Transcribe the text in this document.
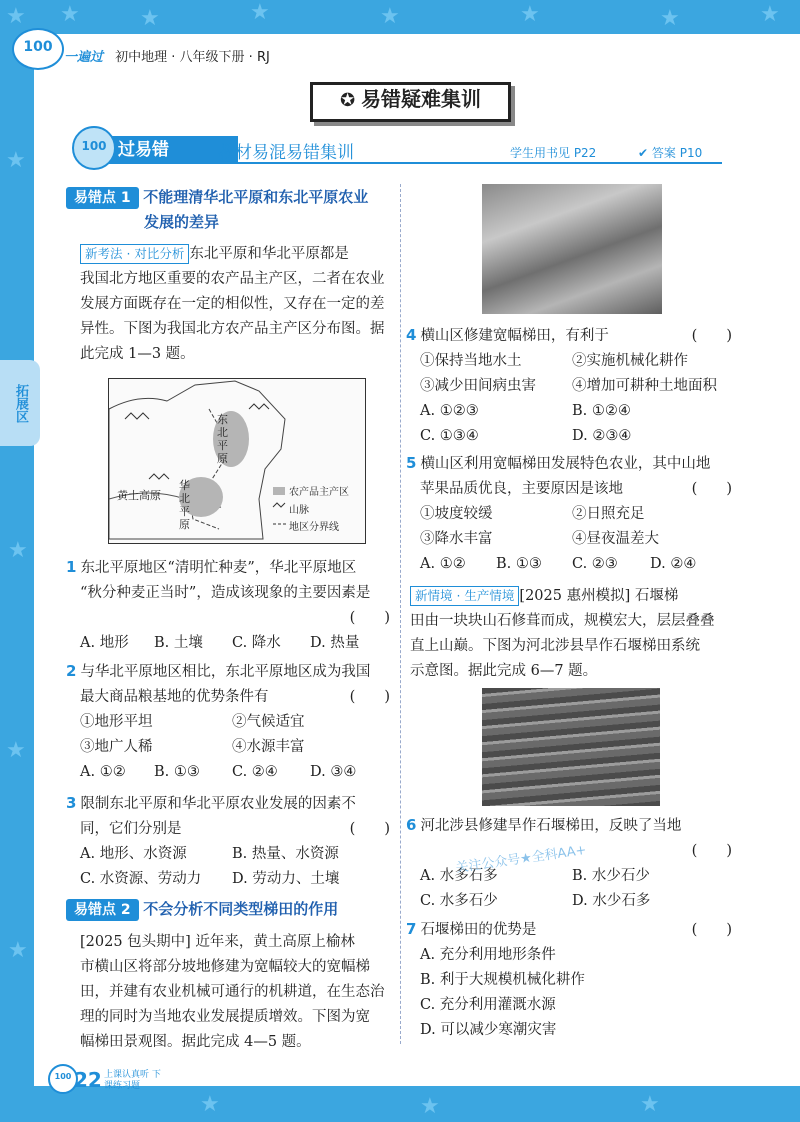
★ ★	★	★	★	★	★	★
★
★
★
★
★	★	★
100
一遍过 初中地理 · 八年级下册 · RJ
✪ 易错疑难集训
过易错	教材易混易错集训	学生用书见 P22	✔ 答案 P10
100
拓展区
易错点 1 不能理清华北平原和东北平原农业
发展的差异
新考法 · 对比分析 东北平原和华北平原都是
我国北方地区重要的农产品主产区，二者在农业
发展方面既存在一定的相似性，又存在一定的差
异性。下图为我国北方农产品主产区分布图。据
此完成 1—3 题。
东北平原
华北平原
黄土高原	农产品主产区
山脉
地区分界线
1 东北平原地区“清明忙种麦”，华北平原地区
“秋分种麦正当时”，造成该现象的主要因素是
(　　)
A. 地形 B. 土壤 C. 降水 D. 热量
2 与华北平原地区相比，东北平原地区成为我国
最大商品粮基地的优势条件有	(　　)
①地形平坦	②气候适宜
③地广人稀	④水源丰富
A. ①② B. ①③ C. ②④ D. ③④
3 限制东北平原和华北平原农业发展的因素不
同，它们分别是	(　　)
A. 地形、水资源	B. 热量、水资源
C. 水资源、劳动力 D. 劳动力、土壤
易错点 2 不会分析不同类型梯田的作用
[2025 包头期中] 近年来，黄土高原上榆林
市横山区将部分坡地修建为宽幅较大的宽幅梯
田，并建有农业机械可通行的机耕道，在生态治
理的同时为当地农业发展提质增效。下图为宽
幅梯田景观图。据此完成 4—5 题。
4 横山区修建宽幅梯田，有利于	(　　)
①保持当地水土	②实施机械化耕作
③减少田间病虫害 ④增加可耕种土地面积
A. ①②③	B. ①②④
C. ①③④	D. ②③④
5 横山区利用宽幅梯田发展特色农业，其中山地
苹果品质优良，主要原因是该地	(　　)
①坡度较缓	②日照充足
③降水丰富	④昼夜温差大
A. ①② B. ①③ C. ②③ D. ②④
新情境 · 生产情境 [2025 惠州模拟] 石堰梯
田由一块块山石修葺而成，规模宏大，层层叠叠
直上山巅。下图为河北涉县旱作石堰梯田系统
示意图。据此完成 6—7 题。
6 河北涉县修建旱作石堰梯田，反映了当地
(　　)
A. 水多石多	B. 水少石少
C. 水多石少	D. 水少石多
7 石堰梯田的优势是	(　　)
A. 充分利用地形条件
B. 利于大规模机械化耕作
C. 充分利用灌溉水源
D. 可以减少寒潮灾害
关注公众号★全科AA+
100 22 上课认真听 下课练习题
